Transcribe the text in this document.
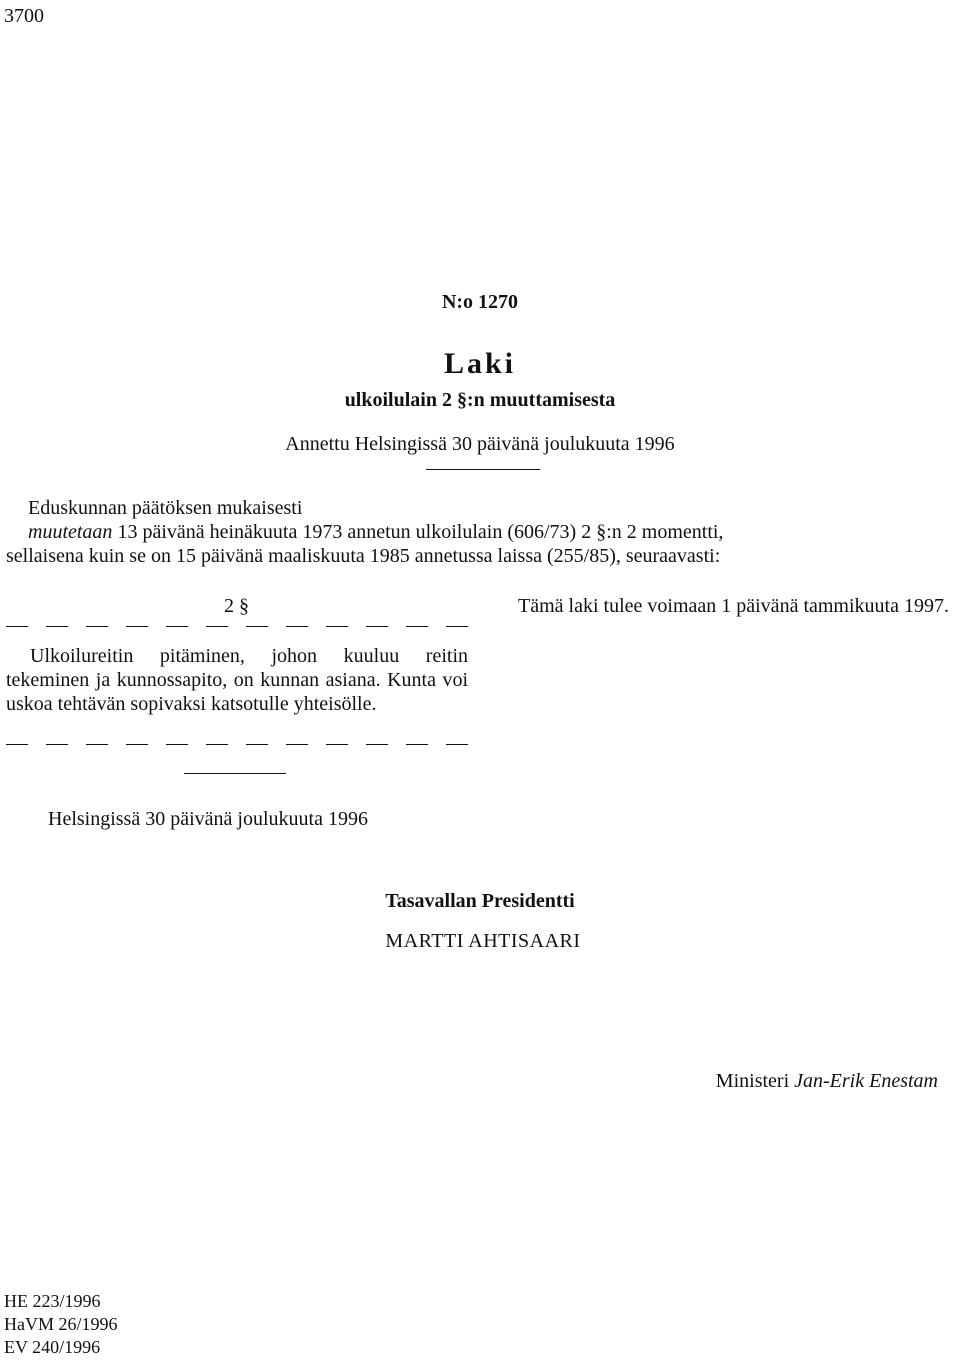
3700
N:o 1270
Laki
ulkoilulain 2 §:n muuttamisesta
Annettu Helsingissä 30 päivänä joulukuuta 1996
Eduskunnan päätöksen mukaisesti
muutetaan 13 päivänä heinäkuuta 1973 annetun ulkoilulain (606/73) 2 §:n 2 momentti,
sellaisena kuin se on 15 päivänä maaliskuuta 1985 annetussa laissa (255/85), seuraavasti:
2 §
Ulkoilureitin pitäminen, johon kuuluu reitin tekeminen ja kunnossapito, on kunnan asiana. Kunta voi uskoa tehtävän sopivaksi katsotulle yhteisölle.
Tämä laki tulee voimaan 1 päivänä tammikuuta 1997.
Helsingissä 30 päivänä joulukuuta 1996
Tasavallan Presidentti
MARTTI AHTISAARI
Ministeri Jan-Erik Enestam
HE 223/1996
HaVM 26/1996
EV 240/1996
